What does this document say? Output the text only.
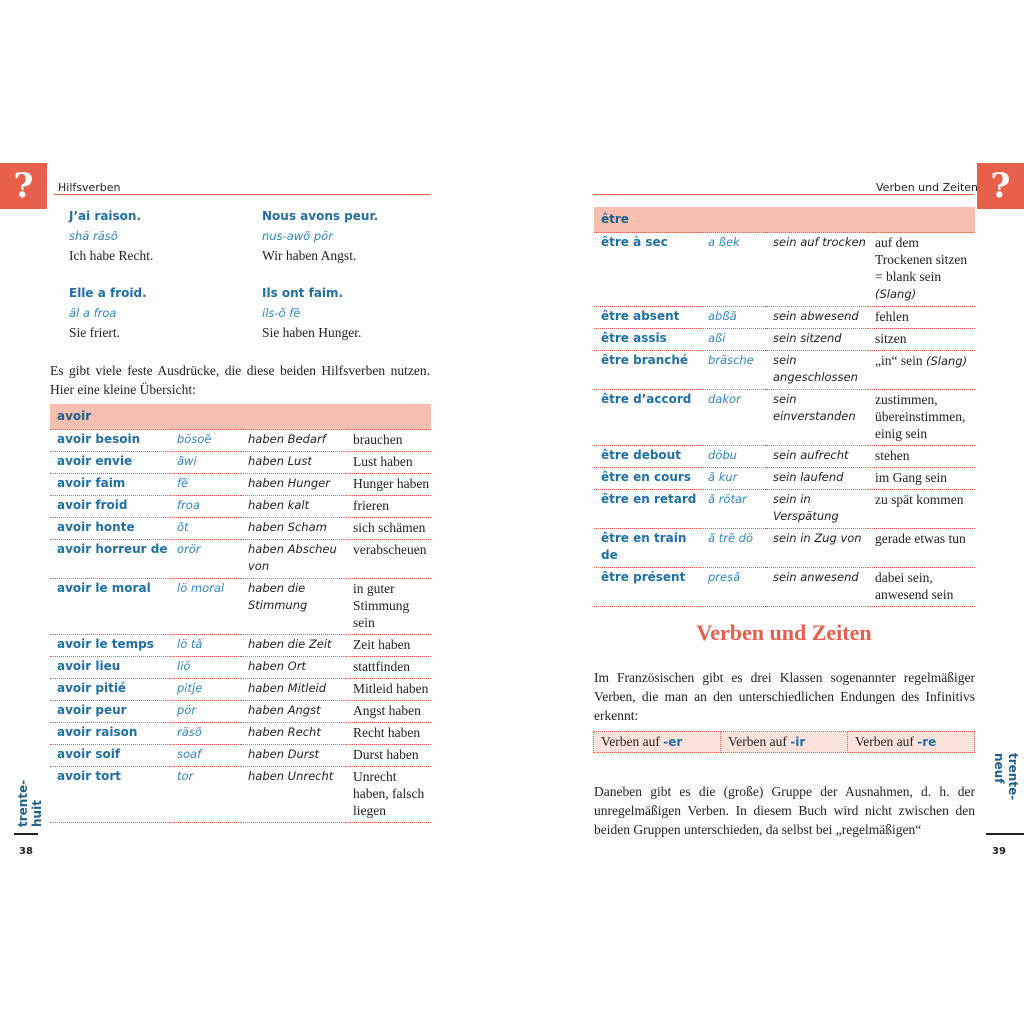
?	Hilfsverben
J’ai raison.
shä räsõ
Ich habe Recht.
Nous avons peur.
nus-awõ pör
Wir haben Angst.
Elle a froid.
äl a froa
Sie friert.
Ils ont faim.
ils-õ fẽ
Sie haben Hunger.
Es gibt viele feste Ausdrücke, die diese beiden Hilfsverben nutzen. Hier eine kleine Übersicht:
avoir			
avoir besoin	bösoẽ	haben Bedarf	brauchen
avoir envie	ãwi	haben Lust	Lust haben
avoir faim	fẽ	haben Hunger	Hunger haben
avoir froid	froa	haben kalt	frieren
avoir honte	õt	haben Scham	sich schämen
avoir horreur de	orör	haben Abscheu von	verabscheuen
avoir le moral	lö moral	haben die Stimmung	in guter Stimmung sein
avoir le temps	lö tã	haben die Zeit	Zeit haben
avoir lieu	liö	haben Ort	stattfinden
avoir pitié	pitje	haben Mitleid	Mitleid haben
avoir peur	pör	haben Angst	Angst haben
avoir raison	räsõ	haben Recht	Recht haben
avoir soif	soaf	haben Durst	Durst haben
avoir tort	tor	haben Unrecht	Unrecht haben, falsch liegen
trente-huit
38
?
Verben und Zeiten
être			
être à sec	a ßek	sein auf trocken	auf dem Trockenen sitzen = blank sein (Slang)
être absent	abßã	sein abwesend	fehlen
être assis	aßi	sein sitzend	sitzen
être branché	bräsche	sein angeschlossen	„in“ sein (Slang)
être d’accord	dakor	sein einverstanden	zustimmen, übereinstimmen, einig sein
être debout	döbu	sein aufrecht	stehen
être en cours	ã kur	sein laufend	im Gang sein
être en retard	ã rötar	sein in Verspätung	zu spät kommen
être en train de	ã trẽ dö	sein in Zug von	gerade etwas tun
être présent	presã	sein anwesend	dabei sein, anwesend sein
Verben und Zeiten
Im Französischen gibt es drei Klassen sogenannter regelmäßiger Verben, die man an den unterschiedlichen Endungen des Infinitivs erkennt:
Verben auf -er	Verben auf -ir	Verben auf -re
Daneben gibt es die (große) Gruppe der Ausnahmen, d. h. der unregelmäßigen Verben. In diesem Buch wird nicht zwischen den beiden Gruppen unterschieden, da selbst bei „regelmäßigen“
trente-neuf
39
